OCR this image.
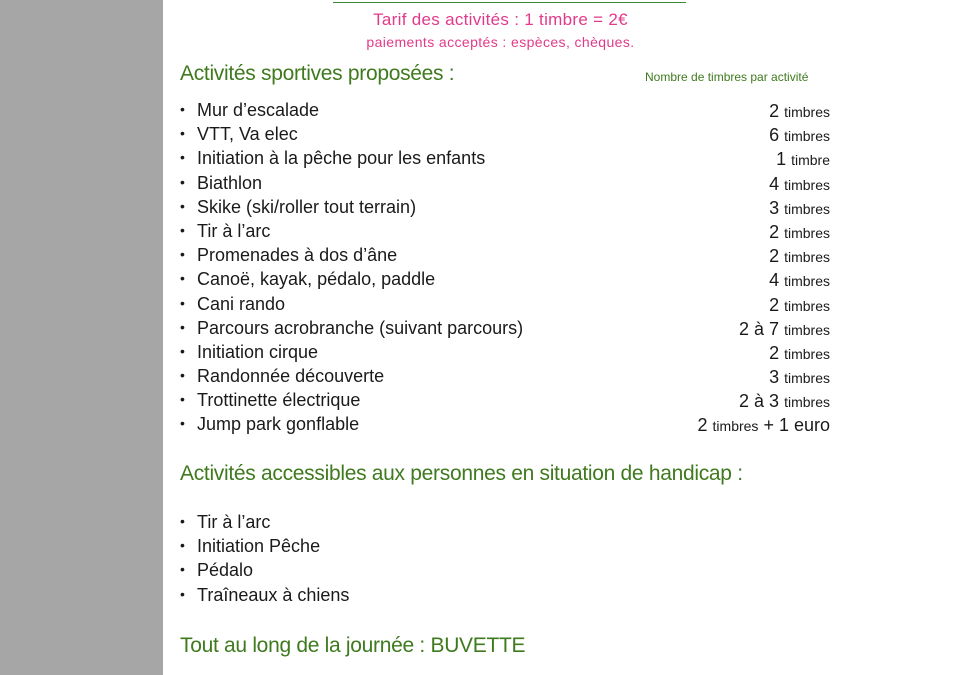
Tarif des activités : 1 timbre = 2€
paiements acceptés : espèces, chèques.
Activités sportives proposées :	Nombre de timbres par activité
• Mur d’escalade	2 timbres
• VTT, Va elec	6 timbres
• Initiation à la pêche pour les enfants	1 timbre
• Biathlon	4 timbres
• Skike (ski/roller tout terrain)	3 timbres
• Tir à l’arc	2 timbres
• Promenades à dos d’âne	2 timbres
• Canoë, kayak, pédalo, paddle	4 timbres
• Cani rando	2 timbres
• Parcours acrobranche (suivant parcours)	2 à 7 timbres
• Initiation cirque	2 timbres
• Randonnée découverte	3 timbres
• Trottinette électrique	2 à 3 timbres
• Jump park gonflable	2 timbres + 1 euro
Activités accessibles aux personnes en situation de handicap :
• Tir à l’arc
• Initiation Pêche
• Pédalo
• Traîneaux à chiens
Tout au long de la journée : BUVETTE
